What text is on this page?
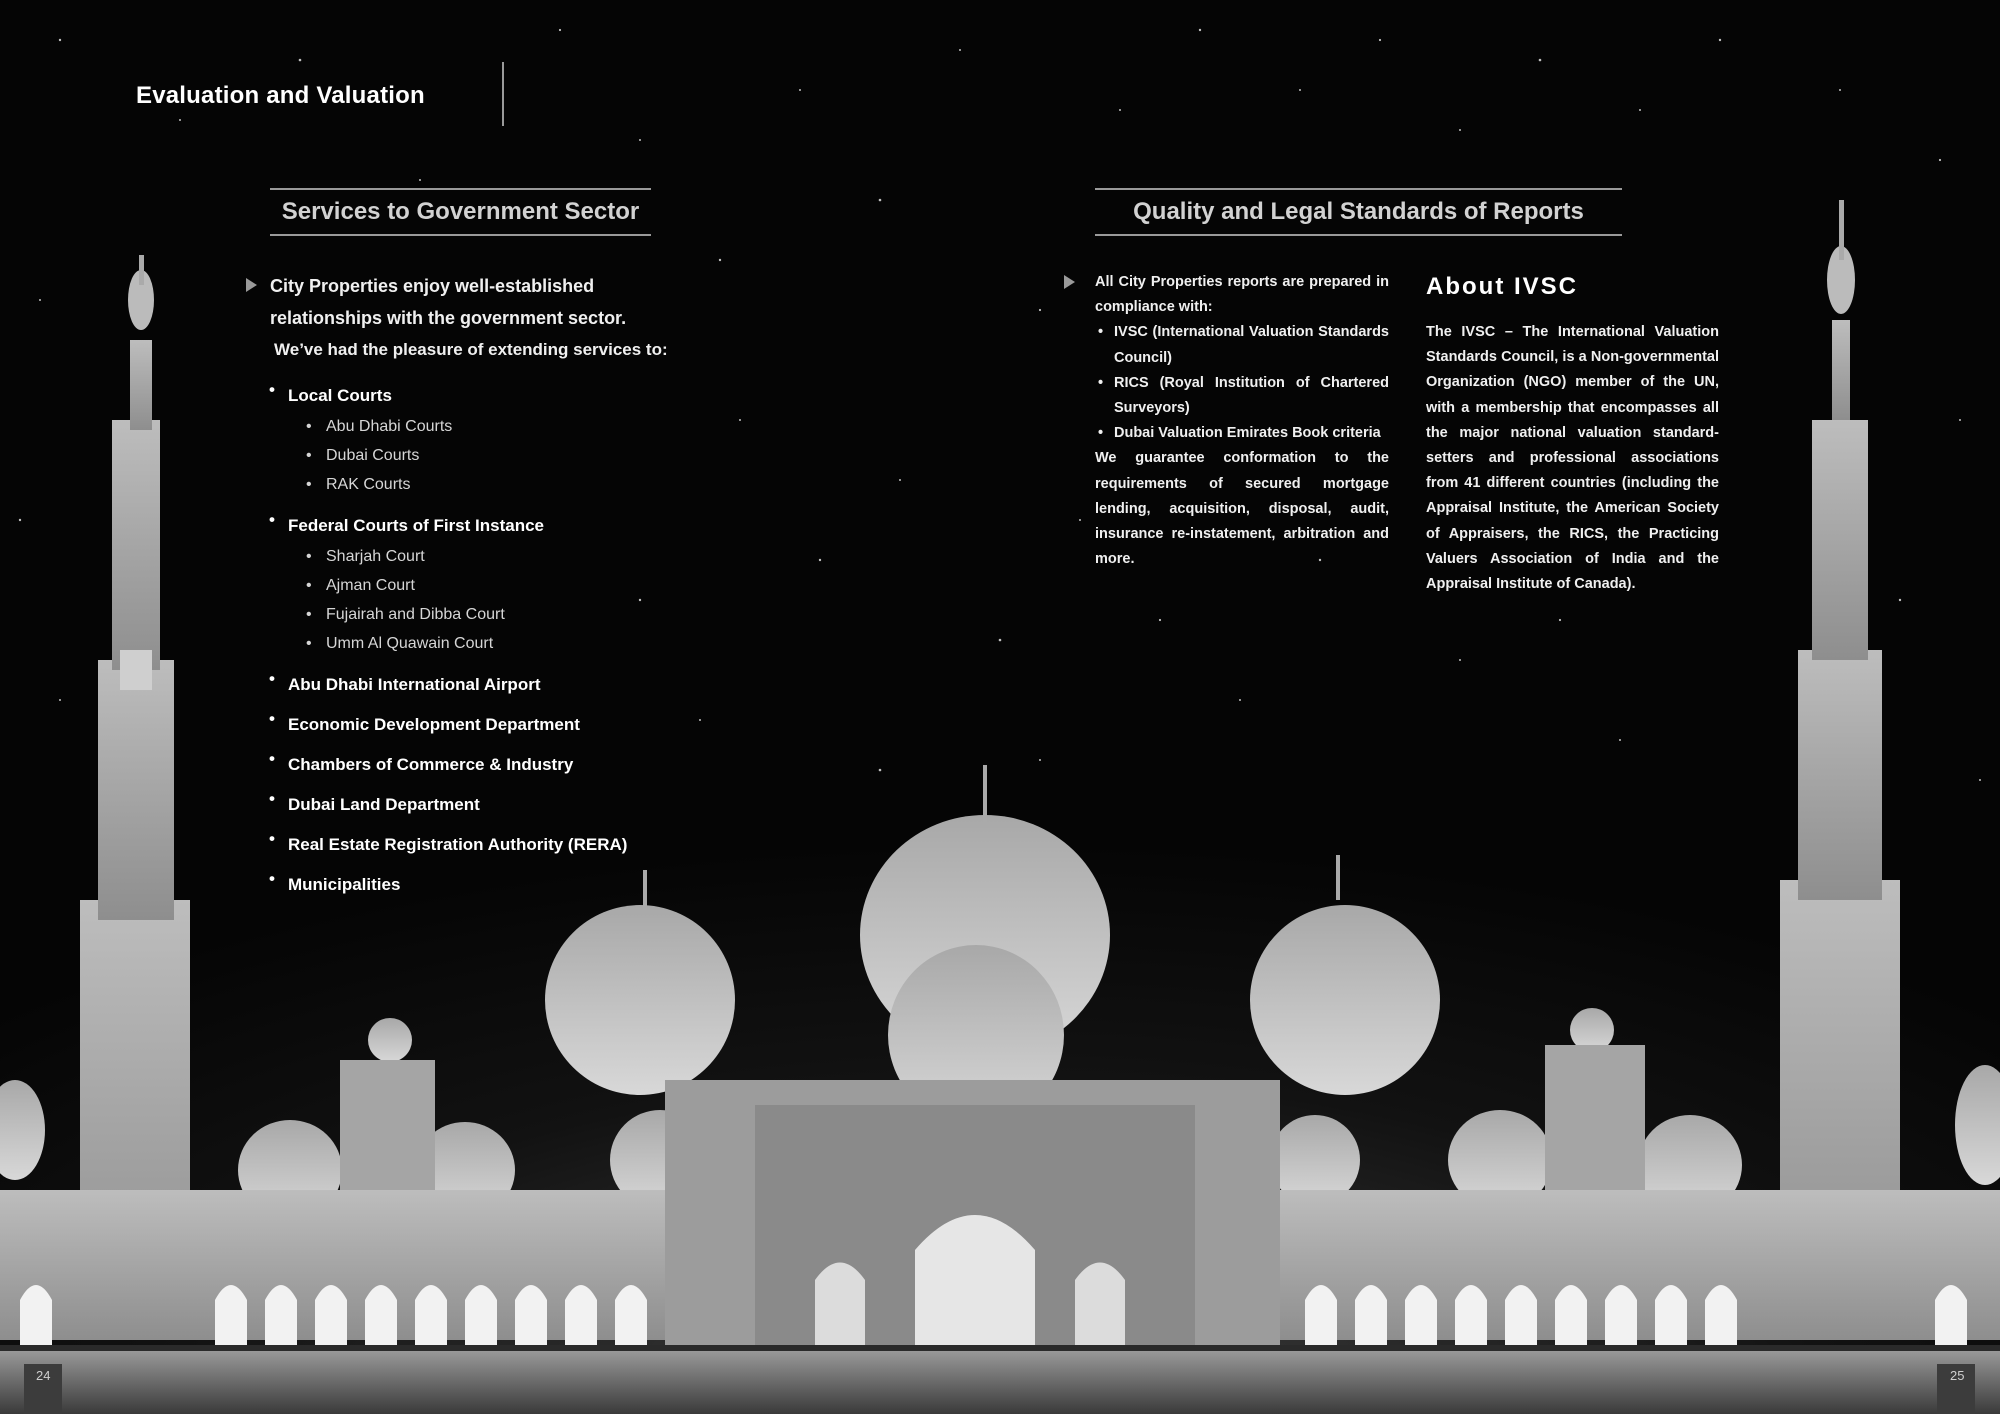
Evaluation and Valuation
Services to Government Sector
City Properties enjoy well-established
relationships with the government sector.
We’ve had the pleasure of extending services to:
• Local Courts
• Abu Dhabi Courts
• Dubai Courts
• RAK Courts
• Federal Courts of First Instance
• Sharjah Court
• Ajman Court
• Fujairah and Dibba Court
• Umm Al Quawain Court
• Abu Dhabi International Airport
• Economic Development Department
• Chambers of Commerce & Industry
• Dubai Land Department
• Real Estate Registration Authority (RERA)
• Municipalities
Quality and Legal Standards of Reports
All City Properties reports are prepared in compliance with:
• IVSC (International Valuation Standards Council)
• RICS (Royal Institution of Chartered Surveyors)
• Dubai Valuation Emirates Book criteria
We guarantee conformation to the requirements of secured mortgage lending, acquisition, disposal, audit, insurance re-instatement, arbitration and more.
About IVSC
The IVSC – The International Valuation Standards Council, is a Non-governmental Organization (NGO) member of the UN, with a membership that encompasses all the major national valuation standard-setters and professional associations from 41 different countries (including the Appraisal Institute, the American Society of Appraisers, the RICS, the Practicing Valuers Association of India and the Appraisal Institute of Canada).
24	25
